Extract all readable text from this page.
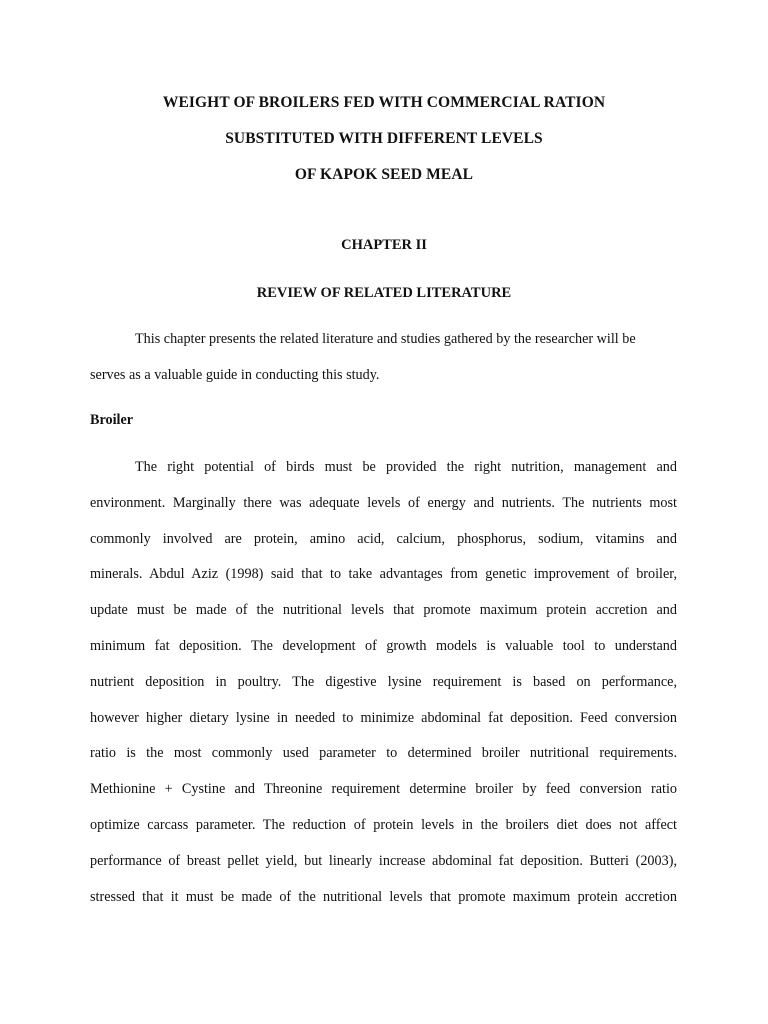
WEIGHT OF BROILERS FED WITH COMMERCIAL RATION
SUBSTITUTED WITH DIFFERENT LEVELS
OF KAPOK SEED MEAL
CHAPTER II
REVIEW OF RELATED LITERATURE
This chapter presents the related literature and studies gathered by the researcher will be
serves as a valuable guide in conducting this study.
Broiler
The right potential of birds must be provided the right nutrition, management and
environment. Marginally there was adequate levels of energy and nutrients. The nutrients most
commonly involved are protein, amino acid, calcium, phosphorus, sodium, vitamins and
minerals. Abdul Aziz (1998) said that to take advantages from genetic improvement of broiler,
update must be made of the nutritional levels that promote maximum protein accretion and
minimum fat deposition. The development of growth models is valuable tool to understand
nutrient deposition in poultry. The digestive lysine requirement is based on performance,
however higher dietary lysine in needed to minimize abdominal fat deposition. Feed conversion
ratio is the most commonly used parameter to determined broiler nutritional requirements.
Methionine + Cystine and Threonine requirement determine broiler by feed conversion ratio
optimize carcass parameter. The reduction of protein levels in the broilers diet does not affect
performance of breast pellet yield, but linearly increase abdominal fat deposition. Butteri (2003),
stressed that it must be made of the nutritional levels that promote maximum protein accretion
